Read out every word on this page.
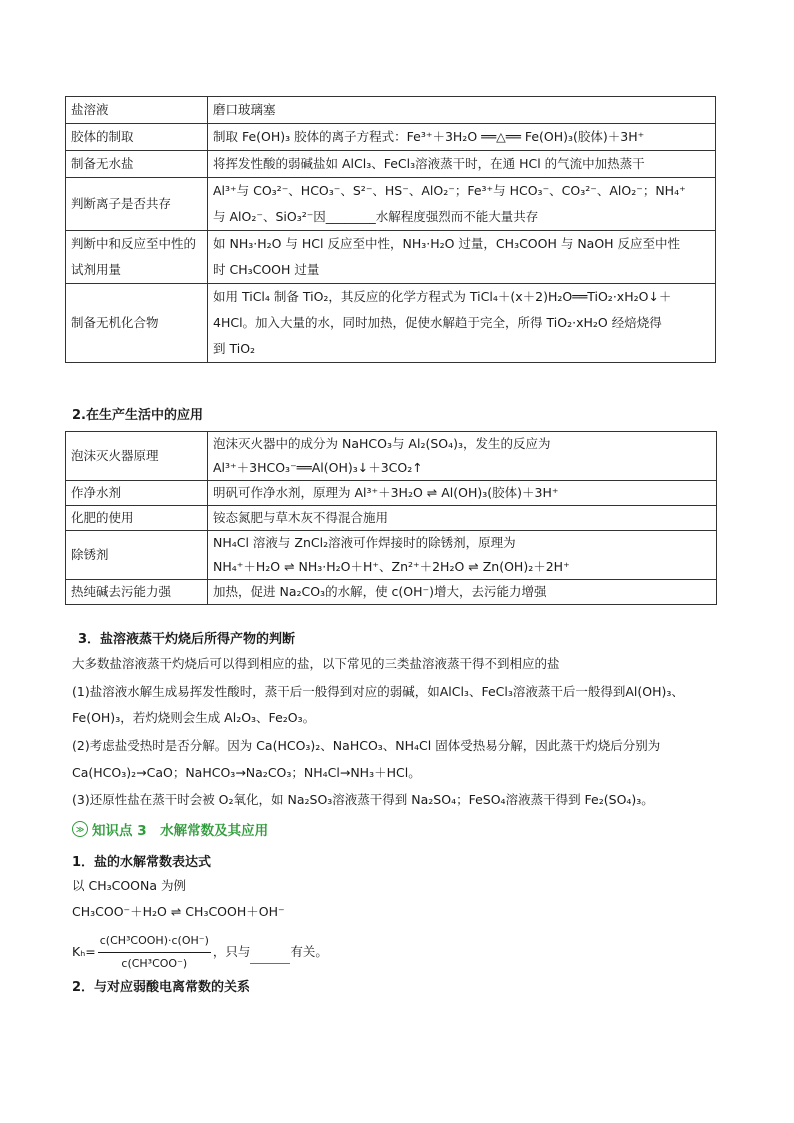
盐溶液	磨口玻璃塞

胶体的制取	制取 Fe(OH)₃ 胶体的离子方程式：Fe³⁺＋3H₂O ══△══ Fe(OH)₃(胶体)＋3H⁺

制备无水盐	将挥发性酸的弱碱盐如 AlCl₃、FeCl₃溶液蒸干时，在通 HCl 的气流中加热蒸干

判断离子是否共存	Al³⁺与 CO₃²⁻、HCO₃⁻、S²⁻、HS⁻、AlO₂⁻；Fe³⁺与 HCO₃⁻、CO₃²⁻、AlO₂⁻；NH₄⁺
与 AlO₂⁻、SiO₃²⁻因________水解程度强烈而不能大量共存

判断中和反应至中性的试剂用量	如 NH₃·H₂O 与 HCl 反应至中性，NH₃·H₂O 过量，CH₃COOH 与 NaOH 反应至中性
时 CH₃COOH 过量

制备无机化合物	如用 TiCl₄ 制备 TiO₂，其反应的化学方程式为 TiCl₄＋(x＋2)H₂O══TiO₂·xH₂O↓＋
4HCl。加入大量的水，同时加热，促使水解趋于完全，所得 TiO₂·xH₂O 经焙烧得
到 TiO₂
2.在生产生活中的应用
泡沫灭火器原理	泡沫灭火器中的成分为 NaHCO₃与 Al₂(SO₄)₃，发生的反应为
Al³⁺＋3HCO₃⁻══Al(OH)₃↓＋3CO₂↑

作净水剂	明矾可作净水剂，原理为 Al³⁺＋3H₂O ⇌ Al(OH)₃(胶体)＋3H⁺

化肥的使用	铵态氮肥与草木灰不得混合施用

除锈剂	NH₄Cl 溶液与 ZnCl₂溶液可作焊接时的除锈剂，原理为
NH₄⁺＋H₂O ⇌ NH₃·H₂O＋H⁺、Zn²⁺＋2H₂O ⇌ Zn(OH)₂＋2H⁺

热纯碱去污能力强	加热，促进 Na₂CO₃的水解，使 c(OH⁻)增大，去污能力增强
3．盐溶液蒸干灼烧后所得产物的判断
大多数盐溶液蒸干灼烧后可以得到相应的盐，以下常见的三类盐溶液蒸干得不到相应的盐
(1)盐溶液水解生成易挥发性酸时，蒸干后一般得到对应的弱碱，如AlCl₃、FeCl₃溶液蒸干后一般得到Al(OH)₃、
Fe(OH)₃，若灼烧则会生成 Al₂O₃、Fe₂O₃。
(2)考虑盐受热时是否分解。因为 Ca(HCO₃)₂、NaHCO₃、NH₄Cl 固体受热易分解，因此蒸干灼烧后分别为
Ca(HCO₃)₂→CaO；NaHCO₃→Na₂CO₃；NH₄Cl→NH₃＋HCl。
(3)还原性盐在蒸干时会被 O₂氧化，如 Na₂SO₃溶液蒸干得到 Na₂SO₄；FeSO₄溶液蒸干得到 Fe₂(SO₄)₃。
≫ 知识点 3　水解常数及其应用
1．盐的水解常数表达式
以 CH₃COONa 为例
CH₃COO⁻＋H₂O ⇌ CH₃COOH＋OH⁻
$K_h= \frac{\text{c(CH³COOH)·c(OH⁻)}}{\text{c(CH³COO⁻)}}$ ，只与	有关。
2．与对应弱酸电离常数的关系
